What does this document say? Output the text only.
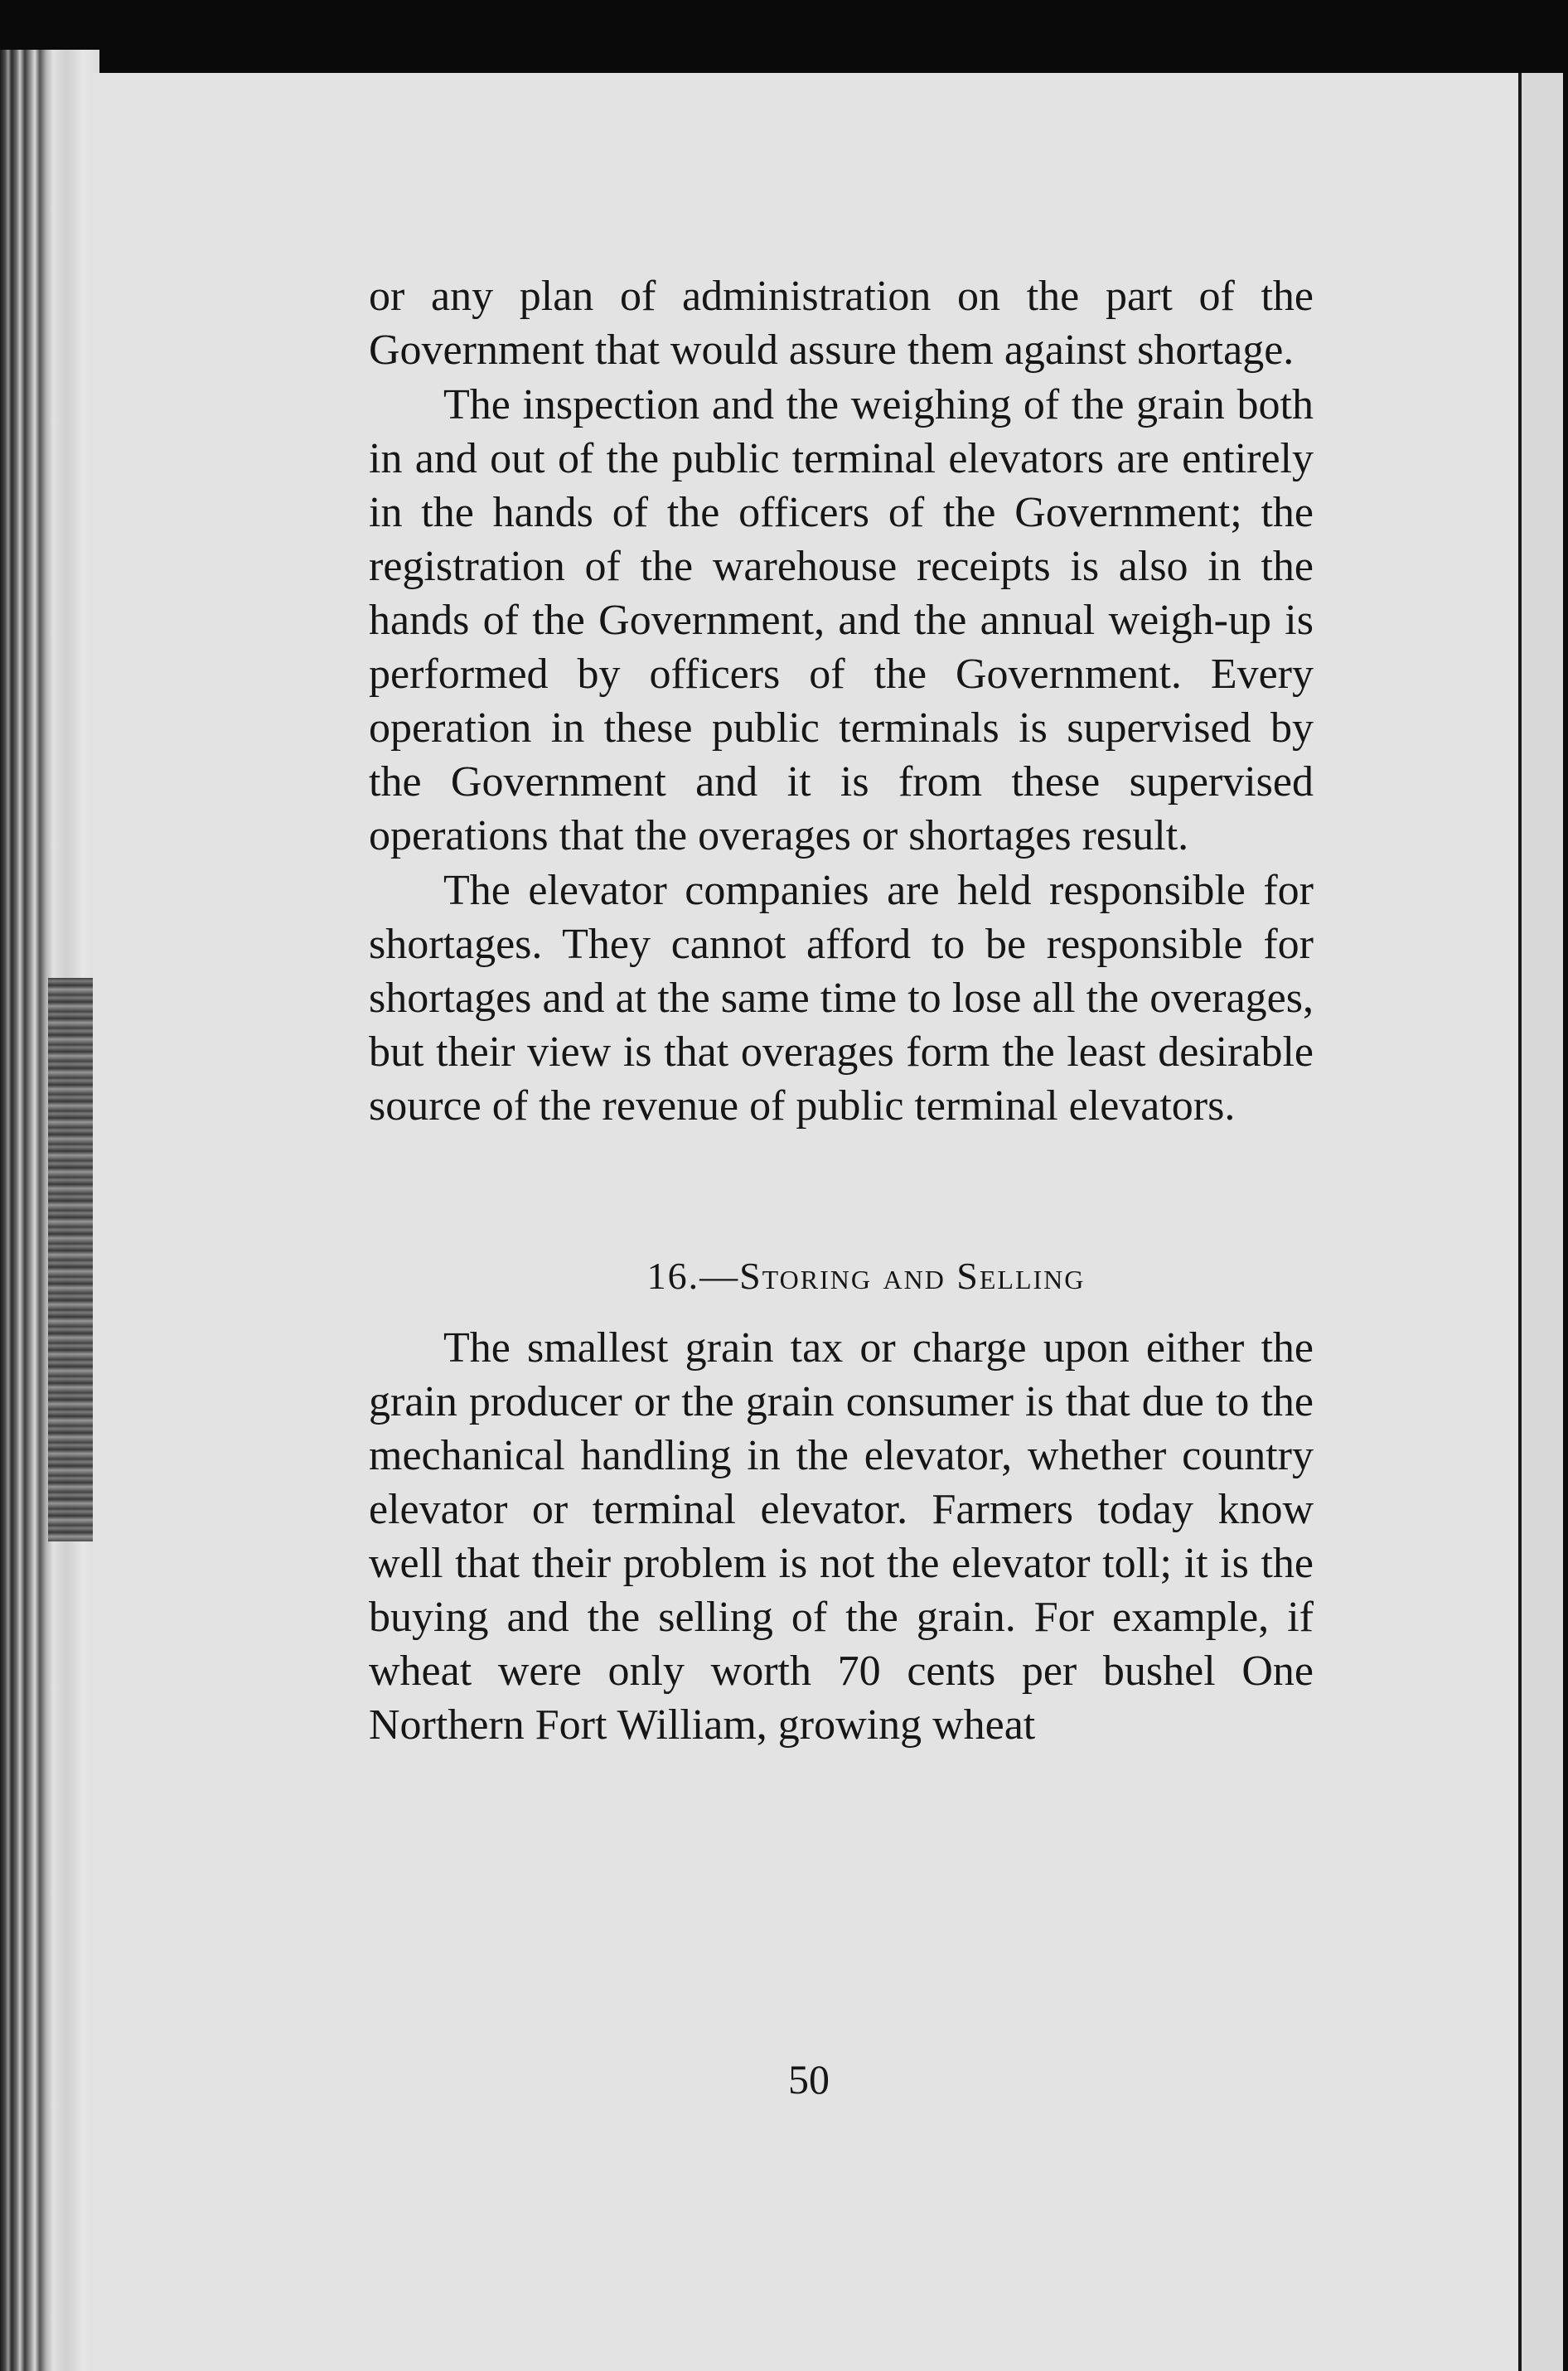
or any plan of administration on the part of the Government that would assure them against shortage.

The inspection and the weighing of the grain both in and out of the public terminal elevators are entirely in the hands of the officers of the Government; the registration of the warehouse receipts is also in the hands of the Government, and the annual weigh-up is performed by officers of the Government. Every operation in these public terminals is supervised by the Government and it is from these supervised operations that the overages or shortages result.

The elevator companies are held responsible for shortages. They cannot afford to be responsible for shortages and at the same time to lose all the overages, but their view is that overages form the least desirable source of the revenue of public terminal elevators.

16.—Storing and Selling

The smallest grain tax or charge upon either the grain producer or the grain consumer is that due to the mechanical handling in the elevator, whether country elevator or terminal elevator. Farmers today know well that their problem is not the elevator toll; it is the buying and the selling of the grain. For example, if wheat were only worth 70 cents per bushel One Northern Fort William, growing wheat

50
